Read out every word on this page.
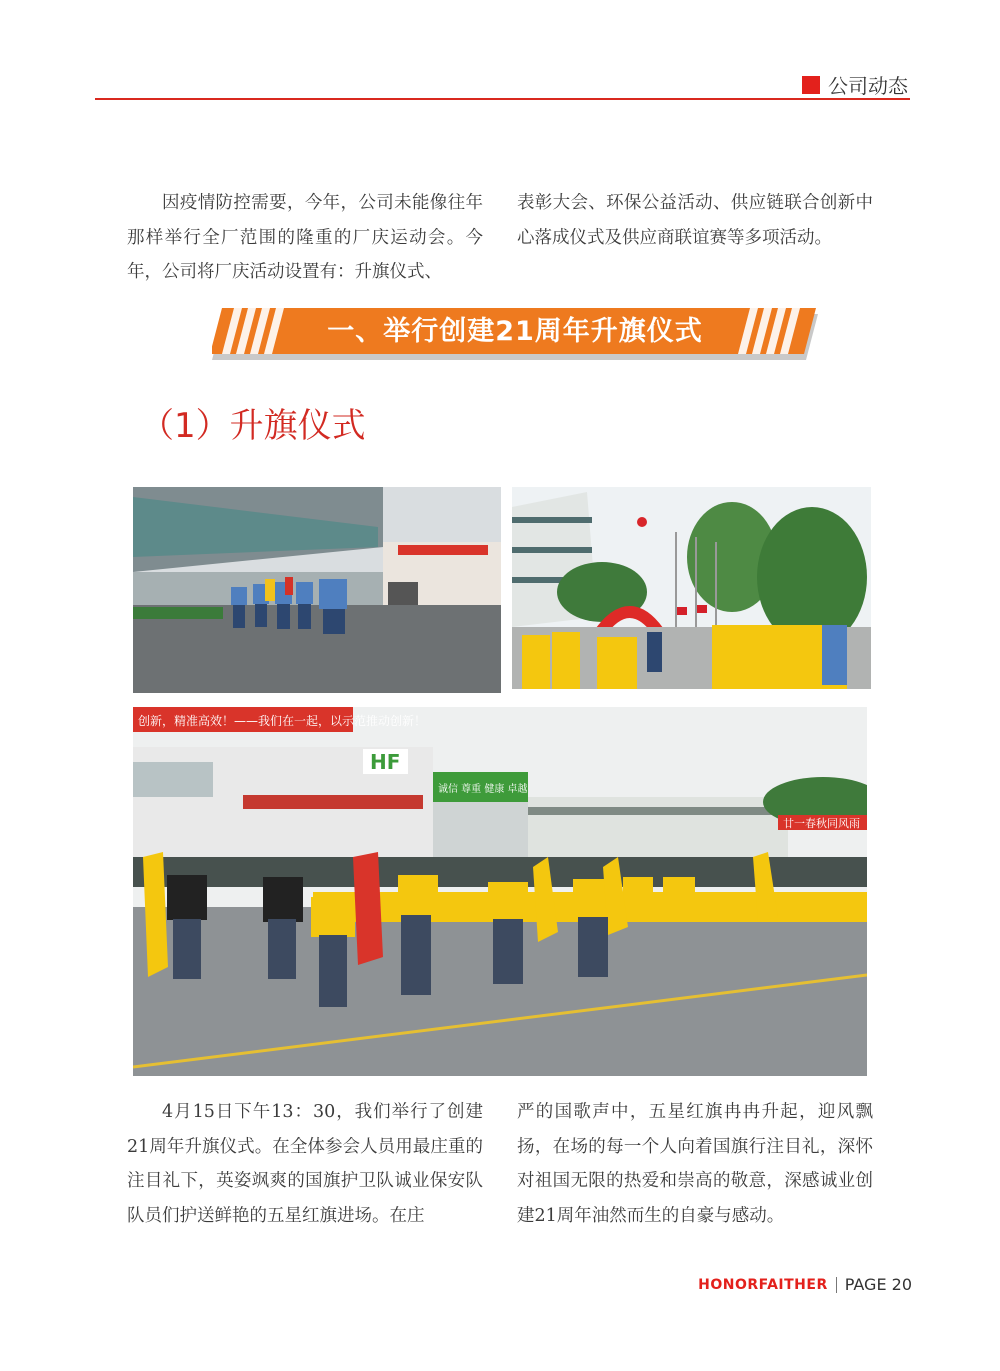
公司动态

因疫情防控需要，今年，公司未能像往年那样举行全厂范围的隆重的厂庆运动会。今年，公司将厂庆活动设置有：升旗仪式、

表彰大会、环保公益活动、供应链联合创新中心落成仪式及供应商联谊赛等多项活动。

一、举行创建21周年升旗仪式
（1）升旗仪式
创新，精准高效！——我们在一起，以示范推动创新！
HF
诚信 尊重 健康 卓越
廿一春秋同风雨

4月15日下午13：30，我们举行了创建21周年升旗仪式。在全体参会人员用最庄重的注目礼下，英姿飒爽的国旗护卫队诚业保安队队员们护送鲜艳的五星红旗进场。在庄

严的国歌声中，五星红旗冉冉升起，迎风飘扬，在场的每一个人向着国旗行注目礼，深怀对祖国无限的热爱和崇高的敬意，深感诚业创建21周年油然而生的自豪与感动。

HONORFAITHER PAGE 20
